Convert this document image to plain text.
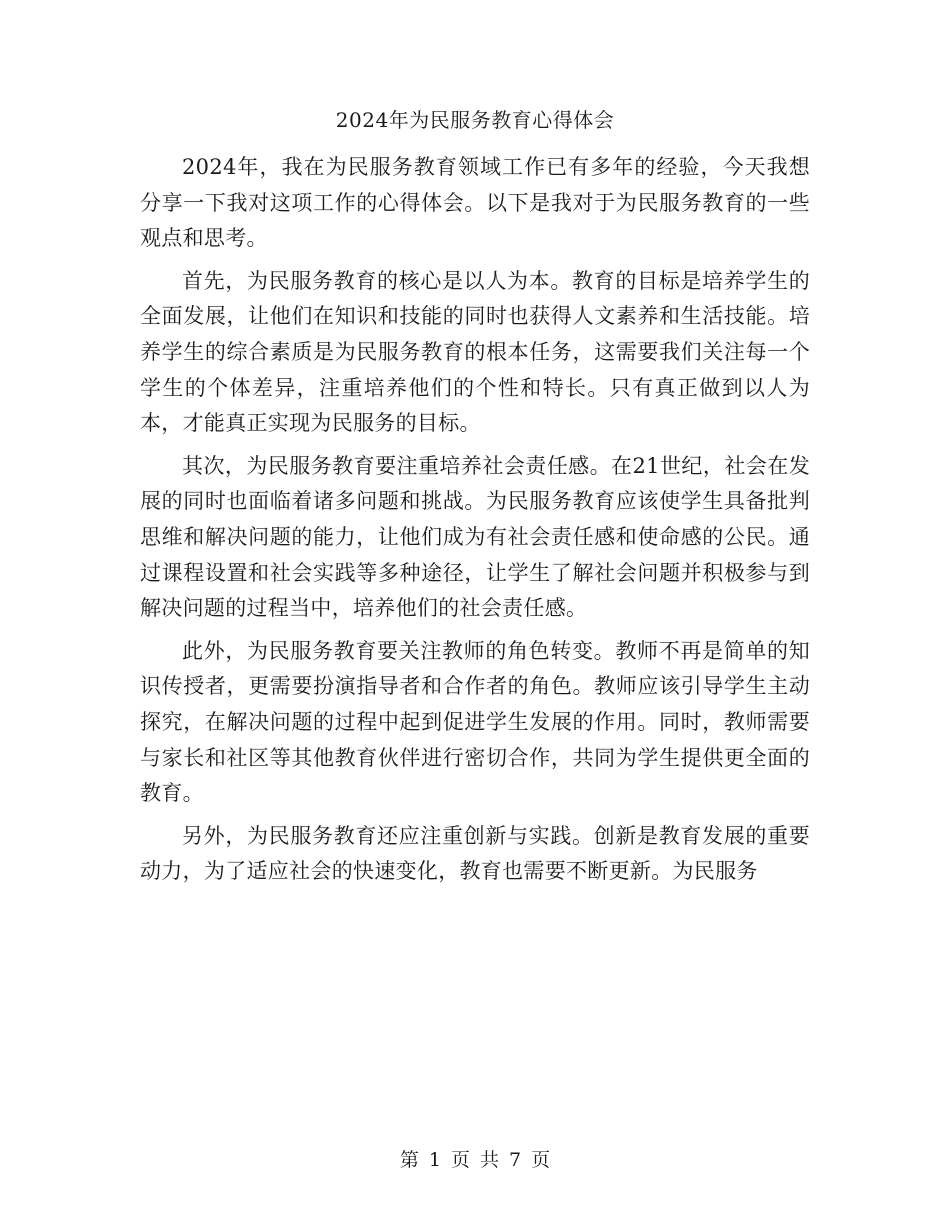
2024年为民服务教育心得体会

2024年，我在为民服务教育领域工作已有多年的经验，今天我想分享一下我对这项工作的心得体会。以下是我对于为民服务教育的一些观点和思考。

首先，为民服务教育的核心是以人为本。教育的目标是培养学生的全面发展，让他们在知识和技能的同时也获得人文素养和生活技能。培养学生的综合素质是为民服务教育的根本任务，这需要我们关注每一个学生的个体差异，注重培养他们的个性和特长。只有真正做到以人为本，才能真正实现为民服务的目标。

其次，为民服务教育要注重培养社会责任感。在21世纪，社会在发展的同时也面临着诸多问题和挑战。为民服务教育应该使学生具备批判思维和解决问题的能力，让他们成为有社会责任感和使命感的公民。通过课程设置和社会实践等多种途径，让学生了解社会问题并积极参与到解决问题的过程当中，培养他们的社会责任感。

此外，为民服务教育要关注教师的角色转变。教师不再是简单的知识传授者，更需要扮演指导者和合作者的角色。教师应该引导学生主动探究，在解决问题的过程中起到促进学生发展的作用。同时，教师需要与家长和社区等其他教育伙伴进行密切合作，共同为学生提供更全面的教育。

另外，为民服务教育还应注重创新与实践。创新是教育发展的重要动力，为了适应社会的快速变化，教育也需要不断更新。为民服务

第 1 页 共 7 页
